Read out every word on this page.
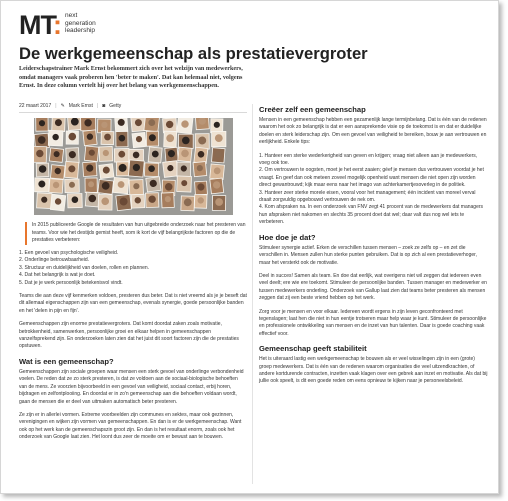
MT: next
generation
leadership
De werkgemeenschap als prestatievergroter

Leiderschapstrainer Mark Ernst bekommert zich over het welzijn van medewerkers, omdat managers vaak proberen hen 'beter te maken'. Dat kan helemaal niet, volgens Ernst. In deze column vertelt hij over het belang van werkgemeenschappen.

22 maart 2017 | ✎ Mark Ernst | ◙ Getty

In 2015 publiceerde Google de resultaten van hun uitgebreide onderzoek naar het presteren van teams. Voor wie het destijds gemist heeft, som ik kort de vijf belangrijkste factoren op die de prestaties verbeteren:

1. Een gevoel van psychologische veiligheid.
2. Onderlinge betrouwbaarheid.
3. Structuur en duidelijkheid van doelen, rollen en plannen.
4. Dat het belangrijk is wat je doet.
5. Dat je je werk persoonlijk betekenisvol vindt.

Teams die aan deze vijf kenmerken voldoen, presteren dus beter. Dat is niet vreemd als je je beseft dat dit allemaal eigenschappen zijn van een gemeenschap, evenals synergie, goede persoonlijke banden en het 'delen in pijn en fijn'.

Gemeenschappen zijn enorme prestatievergroters. Dat komt doordat zaken zoals motivatie, betrokkenheid, samenwerken, persoonlijke groei en elkaar helpen in gemeenschappen vanzelfsprekend zijn. En onderzoeken laten zien dat het juist dit soort factoren zijn die de prestaties opstuwen.

Wat is een gemeenschap?

Gemeenschappen zijn sociale groepen waar mensen een sterk gevoel van onderlinge verbondenheid voelen. De reden dat ze zo sterk presteren, is dat ze voldoen aan de sociaal-biologische behoeften van de mens. Ze voorzien bijvoorbeeld in een gevoel van veiligheid, sociaal contact, erbij horen, bijdragen en zelfontplooiing. En doordat er in zo'n gemeenschap aan die behoeften voldaan wordt, gaan de mensen die er deel van uitmaken automatisch beter presteren.

Ze zijn er in allerlei vormen. Extreme voorbeelden zijn communes en sektes, maar ook gezinnen, verenigingen en wijken zijn vormen van gemeenschappen. En dan is er de werkgemeenschap. Want ook op het werk kan de gemeenschapszin groot zijn. En dan is het resultaat enorm, zoals ook het onderzoek van Google laat zien. Het loont dus zeer de moeite om er bewust aan te bouwen.

Creëer zelf een gemeenschap

Mensen in een gemeenschap hebben een gezamenlijk lange termijnbelang. Dat is één van de redenen waarom het ook zo belangrijk is dat er een aansprekende visie op de toekomst is en dat er duidelijke doelen en sterk leiderschap zijn. Om een gevoel van veiligheid te bereiken, bouw je aan vertrouwen en eerlijkheid. Enkele tips:

1. Hanteer een sterke wederkerigheid van geven en krijgen; vraag niet alleen aan je medewerkers, voeg ook toe.
2. Om vertrouwen te oogsten, moet je het eerst zaaien; géef je mensen dus vertrouwen voordat je het vraagt. En geef dan ook meteen zoveel mogelijk openheid want mensen die niet open zijn worden direct gewantrouwd; kijk maar eens naar het imago van achterkamertjesoverleg in de politiek.
3. Hanteer zeer sterke morele eisen, vooral voor het management; één incident van moreel verval draait zorgvuldig opgebouwd vertrouwen de nek om.
4. Kom afspraken na. In een onderzoek van FNV zegt 41 procent van de medewerkers dat managers hun afspraken niet nakomen en slechts 35 procent doet dat wel; daar valt dus nog wel iets te verbeteren.
Hoe doe je dat?

Stimuleer synergie actief. Erken de verschillen tussen mensen – zoek ze zelfs op – en zet die verschillen in. Mensen zullen hun sterke punten gebruiken. Dat is op zich al een prestatieverhoger, maar het versterkt ook de motivatie.

Deel in succes! Samen als team. En doe dat eerlijk, wat overigens niet wil zeggen dat iedereen even veel deelt; ere wie ere toekomt. Stimuleer de persoonlijke banden. Tussen manager en medewerker en tussen medewerkers onderling. Onderzoek van Gallup laat zien dat teams beter presteren als mensen zeggen dat zij een beste vriend hebben op het werk.

Zorg voor je mensen en voor elkaar. Iedereen wordt ergens in zijn leven geconfronteerd met tegenslagen; laat hen die niet in hun eentje trotseren maar help waar je kunt. Stimuleer de persoonlijke en professionele ontwikkeling van mensen en de inzet van hun talenten. Daar is goede coaching vaak effectief voor.

Gemeenschap geeft stabiliteit

Het is uiteraard lastig een werkgemeenschap te bouwen als er veel wisselingen zijn in een (grote) groep medewerkers. Dat is één van de redenen waarom organisaties die veel uitzendkrachten, of andere kortdurende contracten, inzetten vaak klagen over een gebrek aan inzet en motivatie. Als dat bij jullie ook speelt, is dit een goede reden om eens opnieuw te kijken naar je personeelsbeleid.
